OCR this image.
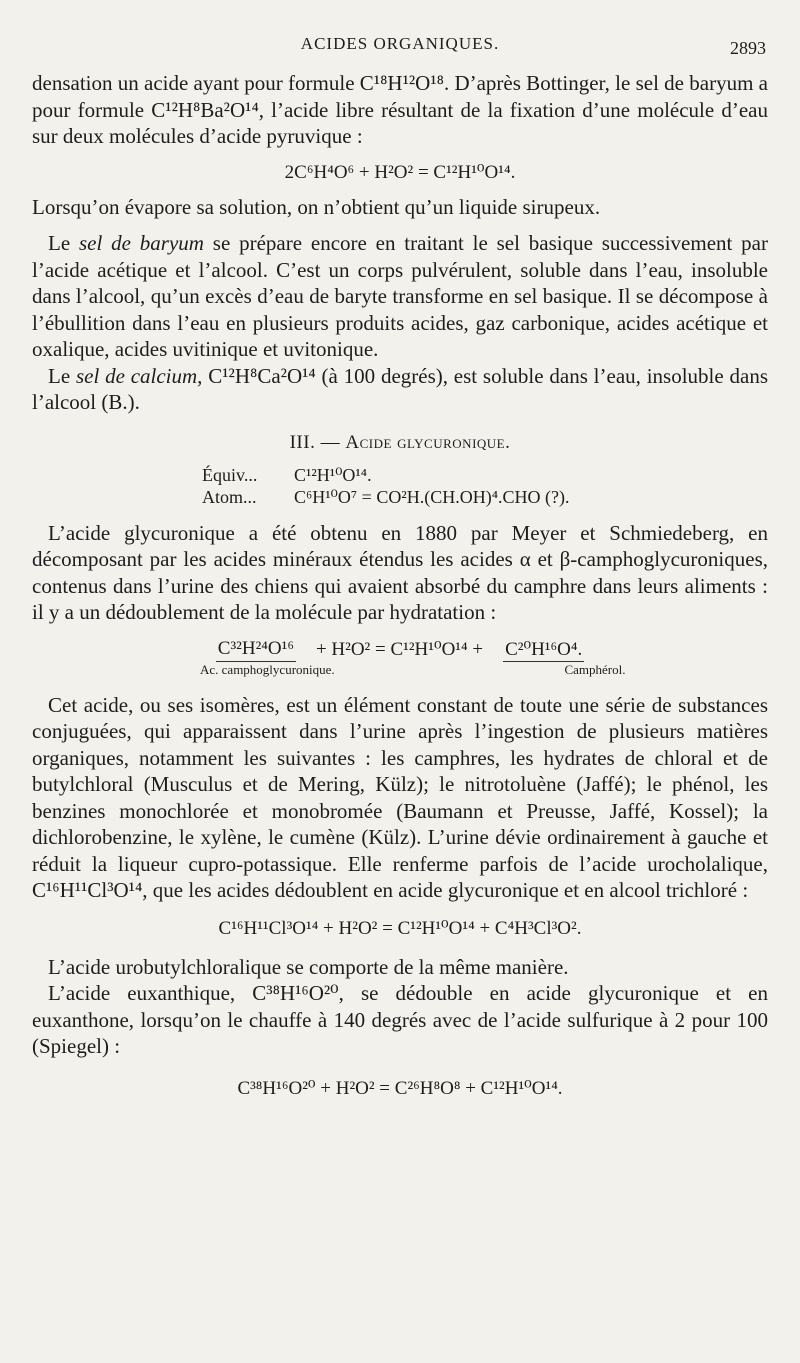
ACIDES ORGANIQUES.	2893

densation un acide ayant pour formule C¹⁸H¹²O¹⁸. D’après Bottinger, le sel de baryum a pour formule C¹²H⁸Ba²O¹⁴, l’acide libre résultant de la fixation d’une molécule d’eau sur deux molécules d’acide pyruvique :

2C⁶H⁴O⁶ + H²O² = C¹²H¹⁰O¹⁴.

Lorsqu’on évapore sa solution, on n’obtient qu’un liquide sirupeux.

Le sel de baryum se prépare encore en traitant le sel basique successivement par l’acide acétique et l’alcool. C’est un corps pulvérulent, soluble dans l’eau, insoluble dans l’alcool, qu’un excès d’eau de baryte transforme en sel basique. Il se décompose à l’ébullition dans l’eau en plusieurs produits acides, gaz carbonique, acides acétique et oxalique, acides uvitinique et uvitonique.

Le sel de calcium, C¹²H⁸Ca²O¹⁴ (à 100 degrés), est soluble dans l’eau, insoluble dans l’alcool (B.).

III. — Acide glycuronique.
Équiv... C¹²H¹⁰O¹⁴.
Atom... C⁶H¹⁰O⁷ = CO²H.(CH.OH)⁴.CHO (?).

L’acide glycuronique a été obtenu en 1880 par Meyer et Schmiedeberg, en décomposant par les acides minéraux étendus les acides α et β-camphoglycuroniques, contenus dans l’urine des chiens qui avaient absorbé du camphre dans leurs aliments : il y a un dédoublement de la molécule par hydratation :

C³²H²⁴O¹⁶ + H²O² = C¹²H¹⁰O¹⁴ + C²⁰H¹⁶O⁴.
Ac. camphoglycuronique.	Camphérol.

Cet acide, ou ses isomères, est un élément constant de toute une série de substances conjuguées, qui apparaissent dans l’urine après l’ingestion de plusieurs matières organiques, notamment les suivantes : les camphres, les hydrates de chloral et de butylchloral (Musculus et de Mering, Külz); le nitrotoluène (Jaffé); le phénol, les benzines monochlorée et monobromée (Baumann et Preusse, Jaffé, Kossel); la dichlorobenzine, le xylène, le cumène (Külz). L’urine dévie ordinairement à gauche et réduit la liqueur cupro-potassique. Elle renferme parfois de l’acide urocholalique, C¹⁶H¹¹Cl³O¹⁴, que les acides dédoublent en acide glycuronique et en alcool trichloré :

C¹⁶H¹¹Cl³O¹⁴ + H²O² = C¹²H¹⁰O¹⁴ + C⁴H³Cl³O².

L’acide urobutylchloralique se comporte de la même manière.

L’acide euxanthique, C³⁸H¹⁶O²⁰, se dédouble en acide glycuronique et en euxanthone, lorsqu’on le chauffe à 140 degrés avec de l’acide sulfurique à 2 pour 100 (Spiegel) :

C³⁸H¹⁶O²⁰ + H²O² = C²⁶H⁸O⁸ + C¹²H¹⁰O¹⁴.
